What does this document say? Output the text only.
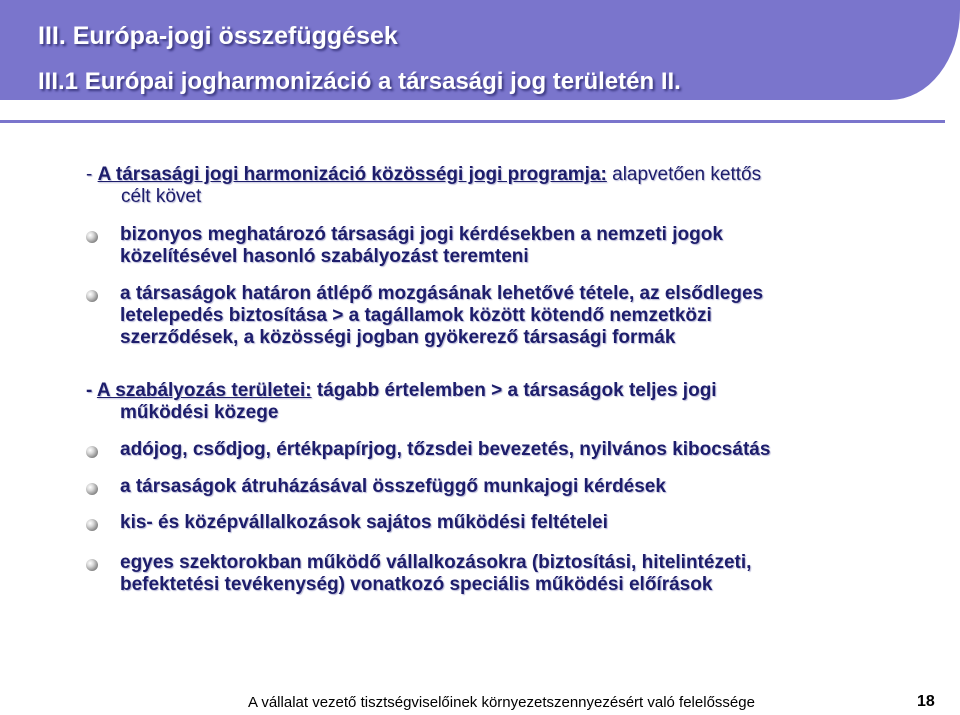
III. Európa-jogi összefüggések
III.1 Európai jogharmonizáció a társasági jog területén II.
- A társasági jogi harmonizáció közösségi jogi programja: alapvetően kettős
célt követ
bizonyos meghatározó társasági jogi kérdésekben a nemzeti jogok
közelítésével hasonló szabályozást teremteni
a társaságok határon átlépő mozgásának lehetővé tétele, az elsődleges
letelepedés biztosítása > a tagállamok között kötendő nemzetközi
szerződések, a közösségi jogban gyökerező társasági formák
- A szabályozás területei: tágabb értelemben > a társaságok teljes jogi
működési közege
adójog, csődjog, értékpapírjog, tőzsdei bevezetés, nyilvános kibocsátás
a társaságok átruházásával összefüggő munkajogi kérdések
kis- és középvállalkozások sajátos működési feltételei
egyes szektorokban működő vállalkozásokra (biztosítási, hitelintézeti,
befektetési tevékenység) vonatkozó speciális működési előírások
A vállalat vezető tisztségviselőinek környezetszennyezésért való felelőssége	18
